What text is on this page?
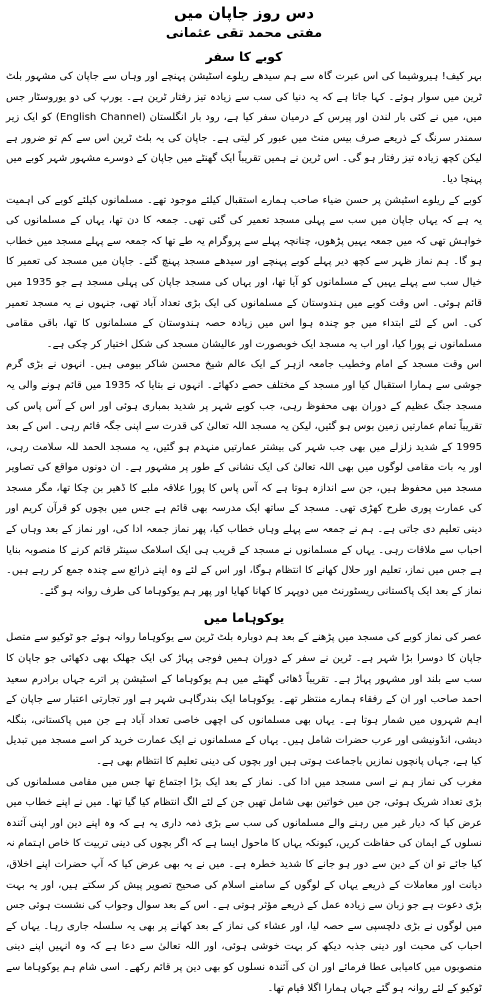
دس روز جاپان میں

مفتی محمد تقی عثمانی

کوبے کا سفر

بہر کیف! ہیروشیما کی اس عبرت گاہ سے ہم سیدھے ریلوے اسٹیشن پہنچے اور وہاں سے جاپان کی مشہور بلٹ ٹرین میں سوار ہوئے۔ کہا جاتا ہے کہ یہ دنیا کی سب سے زیادہ تیز رفتار ٹرین ہے۔ یورپ کی دو یوروسٹار جس میں، میں نے کئی بار لندن اور پیرس کے درمیان سفر کیا ہے، رود بار انگلستان (English Channel) کو ایک زیر سمندر سرنگ کے ذریعے صرف بیس منٹ میں عبور کر لیتی ہے۔ جاپان کی یہ بلٹ ٹرین اس سے کم تو ضرور ہے لیکن کچھ زیادہ تیز رفتار ہو گی۔ اس ٹرین نے ہمیں تقریباً ایک گھنٹے میں جاپان کے دوسرے مشہور شہر کوبے میں پہنچا دیا۔

کوبے کے ریلوے اسٹیشن پر حسن ضیاء صاحب ہمارے استقبال کیلئے موجود تھے۔ مسلمانوں کیلئے کوبے کی اہمیت یہ ہے کہ یہاں جاپان میں سب سے پہلی مسجد تعمیر کی گئی تھی۔ جمعہ کا دن تھا، یہاں کے مسلمانوں کی خواہش تھی کہ میں جمعہ یہیں پڑھوں، چنانچہ پہلے سے پروگرام یہ طے تھا کہ جمعہ سے پہلے مسجد میں خطاب ہو گا۔ ہم نماز ظہر سے کچھ دیر پہلے کوبے پہنچے اور سیدھے مسجد پہنچ گئے۔ جاپان میں مسجد کی تعمیر کا خیال سب سے پہلے یہیں کے مسلمانوں کو آیا تھا، اور یہاں کی مسجد جاپان کی پہلی مسجد ہے جو 1935 میں قائم ہوئی۔ اس وقت کوبے میں ہندوستان کے مسلمانوں کی ایک بڑی تعداد آباد تھی، جنہوں نے یہ مسجد تعمیر کی۔ اس کے لئے ابتداء میں جو چندہ ہوا اس میں زیادہ حصہ ہندوستان کے مسلمانوں کا تھا، باقی مقامی مسلمانوں نے پورا کیا، اور اب یہ مسجد ایک خوبصورت اور عالیشان مسجد کی شکل اختیار کر چکی ہے۔

اس وقت مسجد کے امام وخطیب جامعہ ازہر کے ایک عالم شیخ محسن شاکر بیومی ہیں۔ انہوں نے بڑی گرم جوشی سے ہمارا استقبال کیا اور مسجد کے مختلف حصے دکھائے۔ انہوں نے بتایا کہ 1935 میں قائم ہونے والی یہ مسجد جنگ عظیم کے دوران بھی محفوظ رہی، جب کوبے شہر پر شدید بمباری ہوئی اور اس کے آس پاس کی تقریباً تمام عمارتیں زمین بوس ہو گئیں، لیکن یہ مسجد اللہ تعالیٰ کی قدرت سے اپنی جگہ قائم رہی۔ اس کے بعد 1995 کے شدید زلزلے میں بھی جب شہر کی بیشتر عمارتیں منہدم ہو گئیں، یہ مسجد الحمد للہ سلامت رہی، اور یہ بات مقامی لوگوں میں بھی اللہ تعالیٰ کی ایک نشانی کے طور پر مشہور ہے۔ ان دونوں مواقع کی تصاویر مسجد میں محفوظ ہیں، جن سے اندازہ ہوتا ہے کہ آس پاس کا پورا علاقہ ملبے کا ڈھیر بن چکا تھا، مگر مسجد کی عمارت پوری طرح کھڑی تھی۔ مسجد کے ساتھ ایک مدرسہ بھی قائم ہے جس میں بچوں کو قرآن کریم اور دینی تعلیم دی جاتی ہے۔ ہم نے جمعہ سے پہلے وہاں خطاب کیا، پھر نماز جمعہ ادا کی، اور نماز کے بعد وہاں کے احباب سے ملاقات رہی۔ یہاں کے مسلمانوں نے مسجد کے قریب ہی ایک اسلامک سینٹر قائم کرنے کا منصوبہ بنایا ہے جس میں نماز، تعلیم اور حلال کھانے کا انتظام ہوگا، اور اس کے لئے وہ اپنے ذرائع سے چندہ جمع کر رہے ہیں۔ نماز کے بعد ایک پاکستانی ریسٹورنٹ میں دوپہر کا کھانا کھایا اور پھر ہم یوکوہاما کی طرف روانہ ہو گئے۔

یوکوہاما میں

عصر کی نماز کوبے کی مسجد میں پڑھنے کے بعد ہم دوبارہ بلٹ ٹرین سے یوکوہاما روانہ ہوئے جو ٹوکیو سے متصل جاپان کا دوسرا بڑا شہر ہے۔ ٹرین نے سفر کے دوران ہمیں فوجی پہاڑ کی ایک جھلک بھی دکھائی جو جاپان کا سب سے بلند اور مشہور پہاڑ ہے۔ تقریباً ڈھائی گھنٹے میں ہم یوکوہاما کے اسٹیشن پر اترے جہاں برادرم سعید احمد صاحب اور ان کے رفقاء ہمارے منتظر تھے۔ یوکوہاما ایک بندرگاہی شہر ہے اور تجارتی اعتبار سے جاپان کے اہم شہروں میں شمار ہوتا ہے۔ یہاں بھی مسلمانوں کی اچھی خاصی تعداد آباد ہے جن میں پاکستانی، بنگلہ دیشی، انڈونیشی اور عرب حضرات شامل ہیں۔ یہاں کے مسلمانوں نے ایک عمارت خرید کر اسے مسجد میں تبدیل کیا ہے، جہاں پانچوں نمازیں باجماعت ہوتی ہیں اور بچوں کی دینی تعلیم کا انتظام بھی ہے۔

مغرب کی نماز ہم نے اسی مسجد میں ادا کی۔ نماز کے بعد ایک بڑا اجتماع تھا جس میں مقامی مسلمانوں کی بڑی تعداد شریک ہوئی، جن میں خواتین بھی شامل تھیں جن کے لئے الگ انتظام کیا گیا تھا۔ میں نے اپنے خطاب میں عرض کیا کہ دیار غیر میں رہنے والے مسلمانوں کی سب سے بڑی ذمہ داری یہ ہے کہ وہ اپنے دین اور اپنی آئندہ نسلوں کے ایمان کی حفاظت کریں، کیونکہ یہاں کا ماحول ایسا ہے کہ اگر بچوں کی دینی تربیت کا خاص اہتمام نہ کیا جائے تو ان کے دین سے دور ہو جانے کا شدید خطرہ ہے۔ میں نے یہ بھی عرض کیا کہ آپ حضرات اپنے اخلاق، دیانت اور معاملات کے ذریعے یہاں کے لوگوں کے سامنے اسلام کی صحیح تصویر پیش کر سکتے ہیں، اور یہ بہت بڑی دعوت ہے جو زبان سے زیادہ عمل کے ذریعے مؤثر ہوتی ہے۔ اس کے بعد سوال وجواب کی نشست ہوئی جس میں لوگوں نے بڑی دلچسپی سے حصہ لیا، اور عشاء کی نماز کے بعد کھانے پر بھی یہ سلسلہ جاری رہا۔ یہاں کے احباب کی محبت اور دینی جذبہ دیکھ کر بہت خوشی ہوئی، اور اللہ تعالیٰ سے دعا ہے کہ وہ انہیں اپنے دینی منصوبوں میں کامیابی عطا فرمائے اور ان کی آئندہ نسلوں کو بھی دین پر قائم رکھے۔ اسی شام ہم یوکوہاما سے ٹوکیو کے لئے روانہ ہو گئے جہاں ہمارا اگلا قیام تھا۔
